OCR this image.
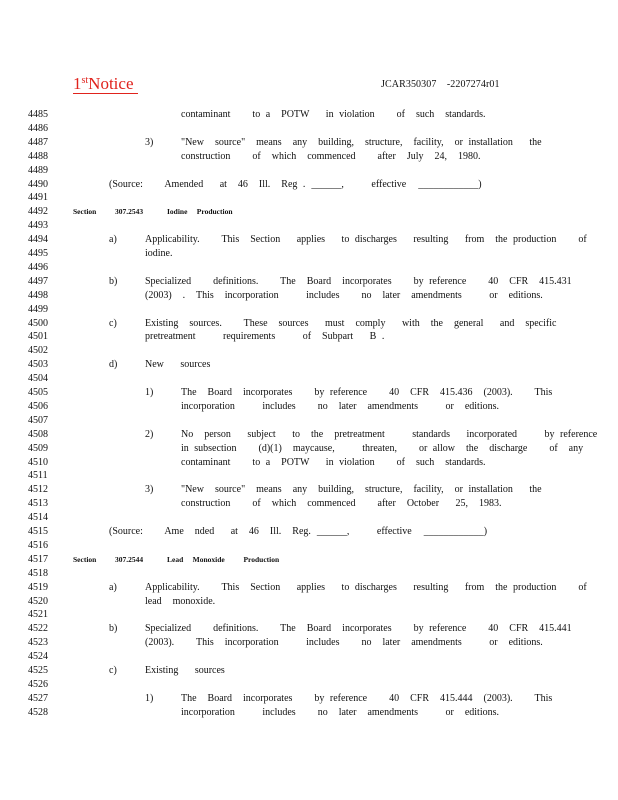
1stNotice	JCAR350307    -2207274r01
4485
4486
4487
4488
4489
4490
4491
4492
4493
4494
4495
4496
4497
4498
4499
4500
4501
4502
4503
4504
4505
4506
4507
4508
4509
4510
4511
4512
4513
4514
4515
4516
4517
4518
4519
4520
4521
4522
4523
4524
4525
4526
4527
4528
contaminant    to a  POTW   in violation    of  such  standards.
3)	"New  source"  means  any  building,  structure,  facility,  or installation   the
construction    of  which  commenced    after  July  24,  1980.
(Source:    Amended   at  46  Ill.  Reg . ______,     effective ____________)
Section 307.2543	Iodine     Production
a)	Applicability.    This  Section   applies   to discharges   resulting   from  the production    of
iodine.
b)	Specialized    definitions.    The  Board  incorporates    by reference    40  CFR  415.431
(2003)  .  This  incorporation     includes    no  later  amendments     or  editions.
c)	Existing  sources.    These  sources   must  comply   with  the  general   and  specific
pretreatment     requirements     of  Subpart   B .
d)	New   sources
1)	The  Board  incorporates    by reference    40  CFR  415.436  (2003).    This
incorporation     includes    no  later  amendments     or  editions.
2)	No  person   subject   to  the  pretreatment     standards   incorporated     by reference
in subsection    (d)(1)  maycause,     threaten,    or allow  the  discharge    of  any
contaminant    to a  POTW   in violation    of  such  standards.
3)	"New  source"  means  any  building,  structure,  facility,  or installation   the
construction    of  which  commenced    after  October   25,  1983.
(Source:    Ame  nded   at  46  Ill.  Reg. ______,     effective ____________)
Section 307.2544	Lead     Monoxide          Production
a)	Applicability.    This  Section   applies   to discharges   resulting   from  the production    of
lead  monoxide.
b)	Specialized    definitions.    The  Board  incorporates    by reference    40  CFR  415.441
(2003).    This  incorporation     includes    no  later  amendments     or  editions.
c)	Existing   sources
1)	The  Board  incorporates    by reference    40  CFR  415.444  (2003).    This
incorporation     includes    no  later  amendments     or  editions.
